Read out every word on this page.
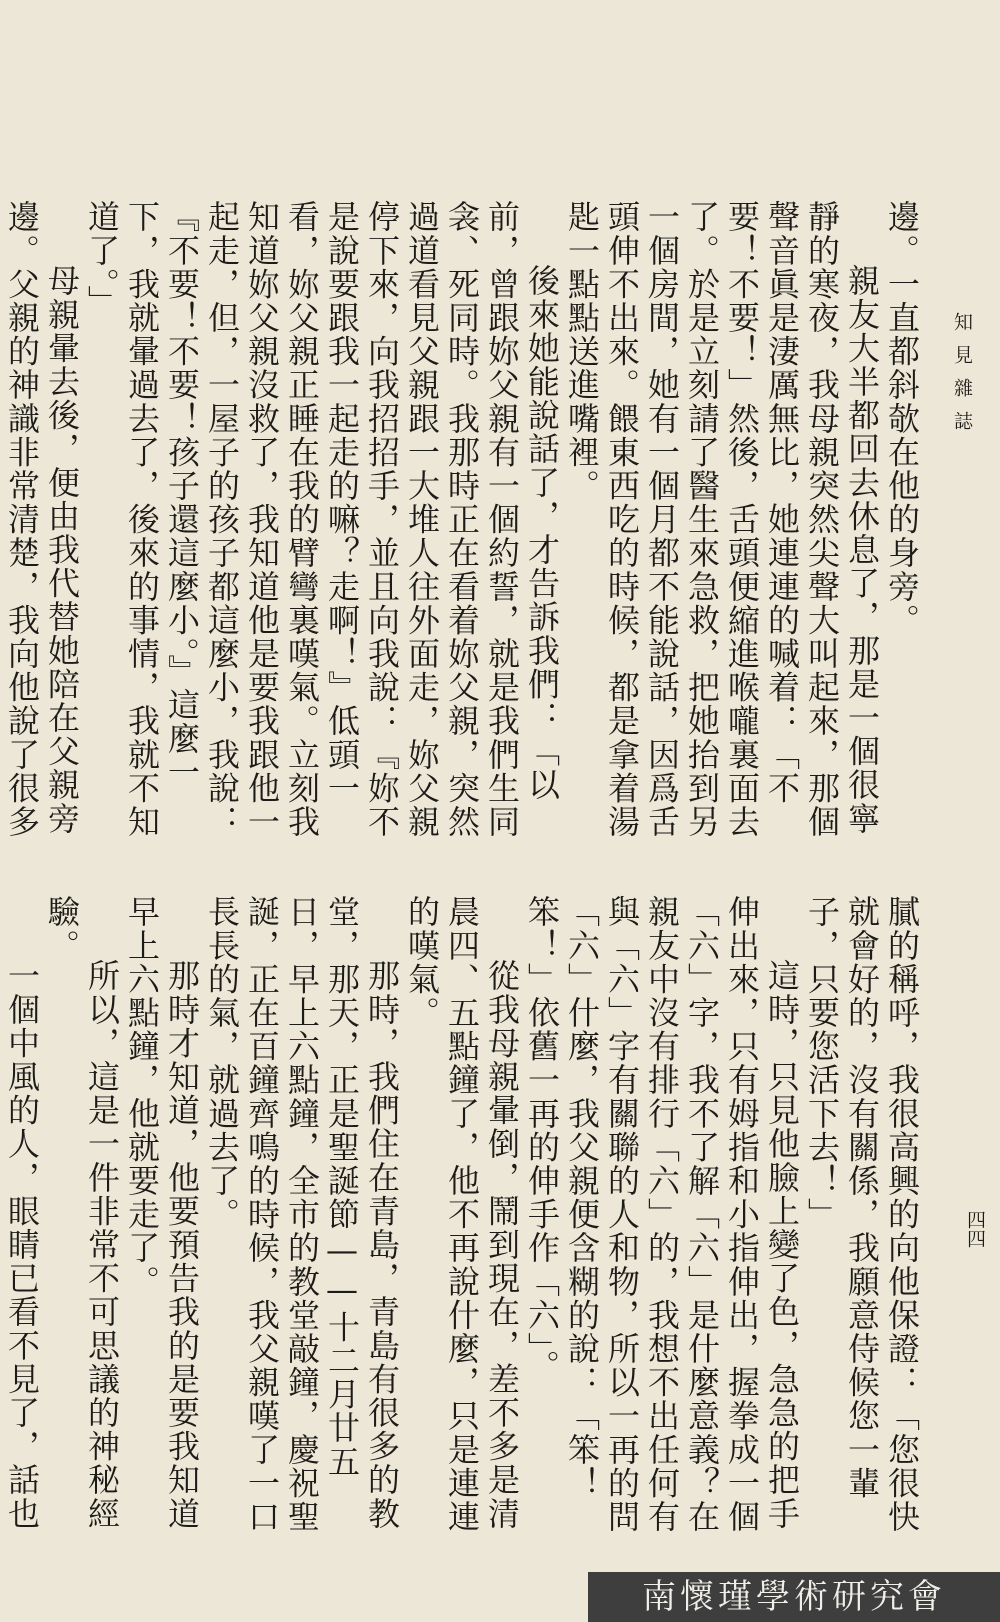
知見雜誌
四四

邊。一直都斜欹在他的身旁。

親友大半都回去休息了，那是一個很寧靜的寒夜，我母親突然尖聲大叫起來，那個聲音眞是淒厲無比，她連連的喊着：「不要！不要！」然後，舌頭便縮進喉嚨裏面去了。於是立刻請了醫生來急救，把她抬到另一個房間，她有一個月都不能說話，因爲舌頭伸不出來。餵東西吃的時候，都是拿着湯匙一點點送進嘴裡。

後來她能說話了，才告訴我們：「以前，曾跟妳父親有一個約誓，就是我們生同衾、死同時。我那時正在看着妳父親，突然過道看見父親跟一大堆人往外面走，妳父親停下來，向我招招手，並且向我說：『妳不是說要跟我一起走的嘛？走啊！』低頭一看，妳父親正睡在我的臂彎裏嘆氣。立刻我知道妳父親沒救了，我知道他是要我跟他一起走，但，一屋子的孩子都這麼小，我說：『不要！不要！孩子還這麼小。』這麼一下，我就暈過去了，後來的事情，我就不知道了。」

母親暈去後，便由我代替她陪在父親旁邊。父親的神識非常清楚，我向他說了很多

膩的稱呼，我很高興的向他保證：「您很快就會好的，沒有關係，我願意侍候您一輩子，只要您活下去！」

這時，只見他臉上變了色，急急的把手伸出來，只有姆指和小指伸出，握拳成一個「六」字，我不了解「六」是什麼意義？在親友中沒有排行「六」的，我想不出任何有與「六」字有關聯的人和物，所以一再的問「六」什麼，我父親便含糊的說：「笨！笨！」依舊一再的伸手作「六」。

從我母親暈倒，鬧到現在，差不多是清晨四、五點鐘了，他不再說什麼，只是連連的嘆氣。

那時，我們住在青島，青島有很多的教堂，那天，正是聖誕節——十二月廿五日，早上六點鐘，全市的教堂敲鐘，慶祝聖誕，正在百鐘齊鳴的時候，我父親嘆了一口長長的氣，就過去了。

那時才知道，他要預告我的是要我知道早上六點鐘，他就要走了。

所以，這是一件非常不可思議的神秘經驗。

一個中風的人，眼睛已看不見了，話也

南懷瑾學術研究會
